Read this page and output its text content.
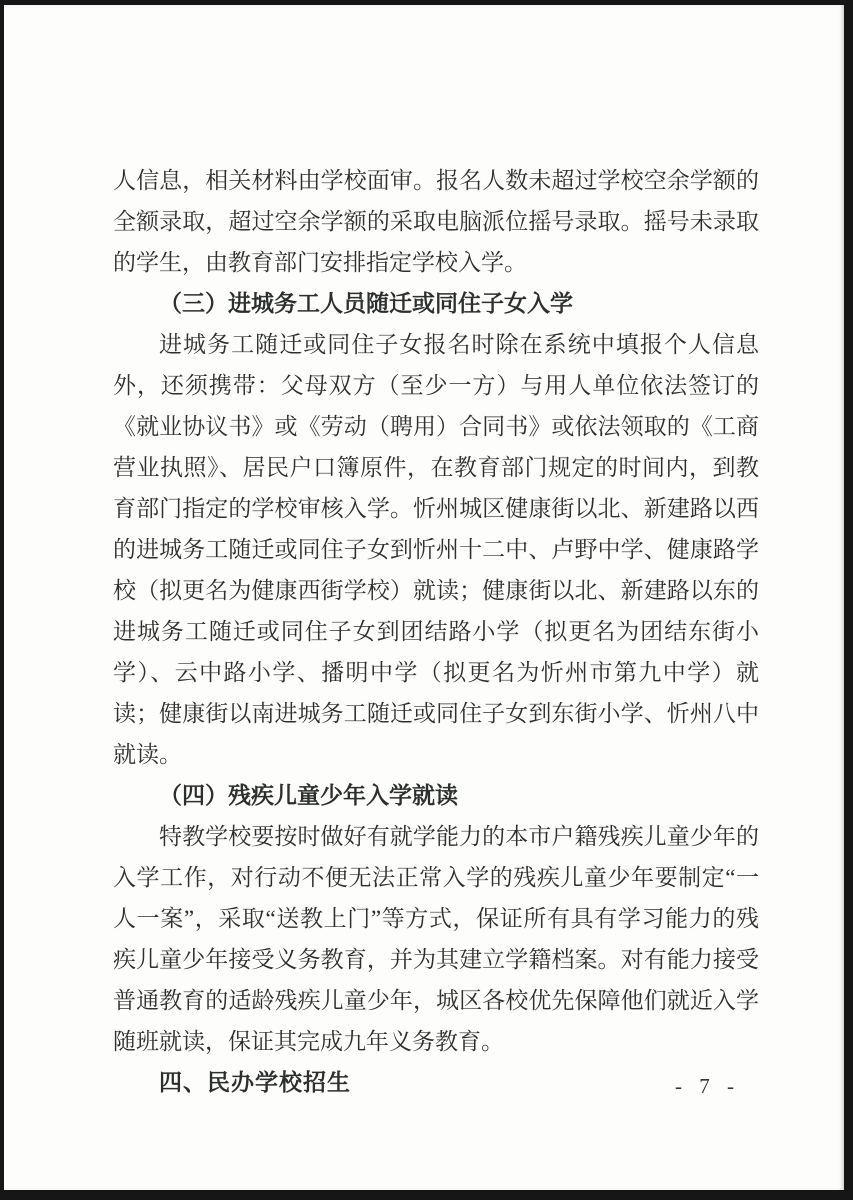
人信息，相关材料由学校面审。报名人数未超过学校空余学额的全额录取，超过空余学额的采取电脑派位摇号录取。摇号未录取的学生，由教育部门安排指定学校入学。

（三）进城务工人员随迁或同住子女入学

进城务工随迁或同住子女报名时除在系统中填报个人信息外，还须携带：父母双方（至少一方）与用人单位依法签订的《就业协议书》或《劳动（聘用）合同书》或依法领取的《工商营业执照》、居民户口簿原件，在教育部门规定的时间内，到教育部门指定的学校审核入学。忻州城区健康街以北、新建路以西的进城务工随迁或同住子女到忻州十二中、卢野中学、健康路学校（拟更名为健康西街学校）就读；健康街以北、新建路以东的进城务工随迁或同住子女到团结路小学（拟更名为团结东街小学）、云中路小学、播明中学（拟更名为忻州市第九中学）就读；健康街以南进城务工随迁或同住子女到东街小学、忻州八中就读。

（四）残疾儿童少年入学就读

特教学校要按时做好有就学能力的本市户籍残疾儿童少年的入学工作，对行动不便无法正常入学的残疾儿童少年要制定“一人一案”，采取“送教上门”等方式，保证所有具有学习能力的残疾儿童少年接受义务教育，并为其建立学籍档案。对有能力接受普通教育的适龄残疾儿童少年，城区各校优先保障他们就近入学随班就读，保证其完成九年义务教育。

四、民办学校招生	- 7 -
